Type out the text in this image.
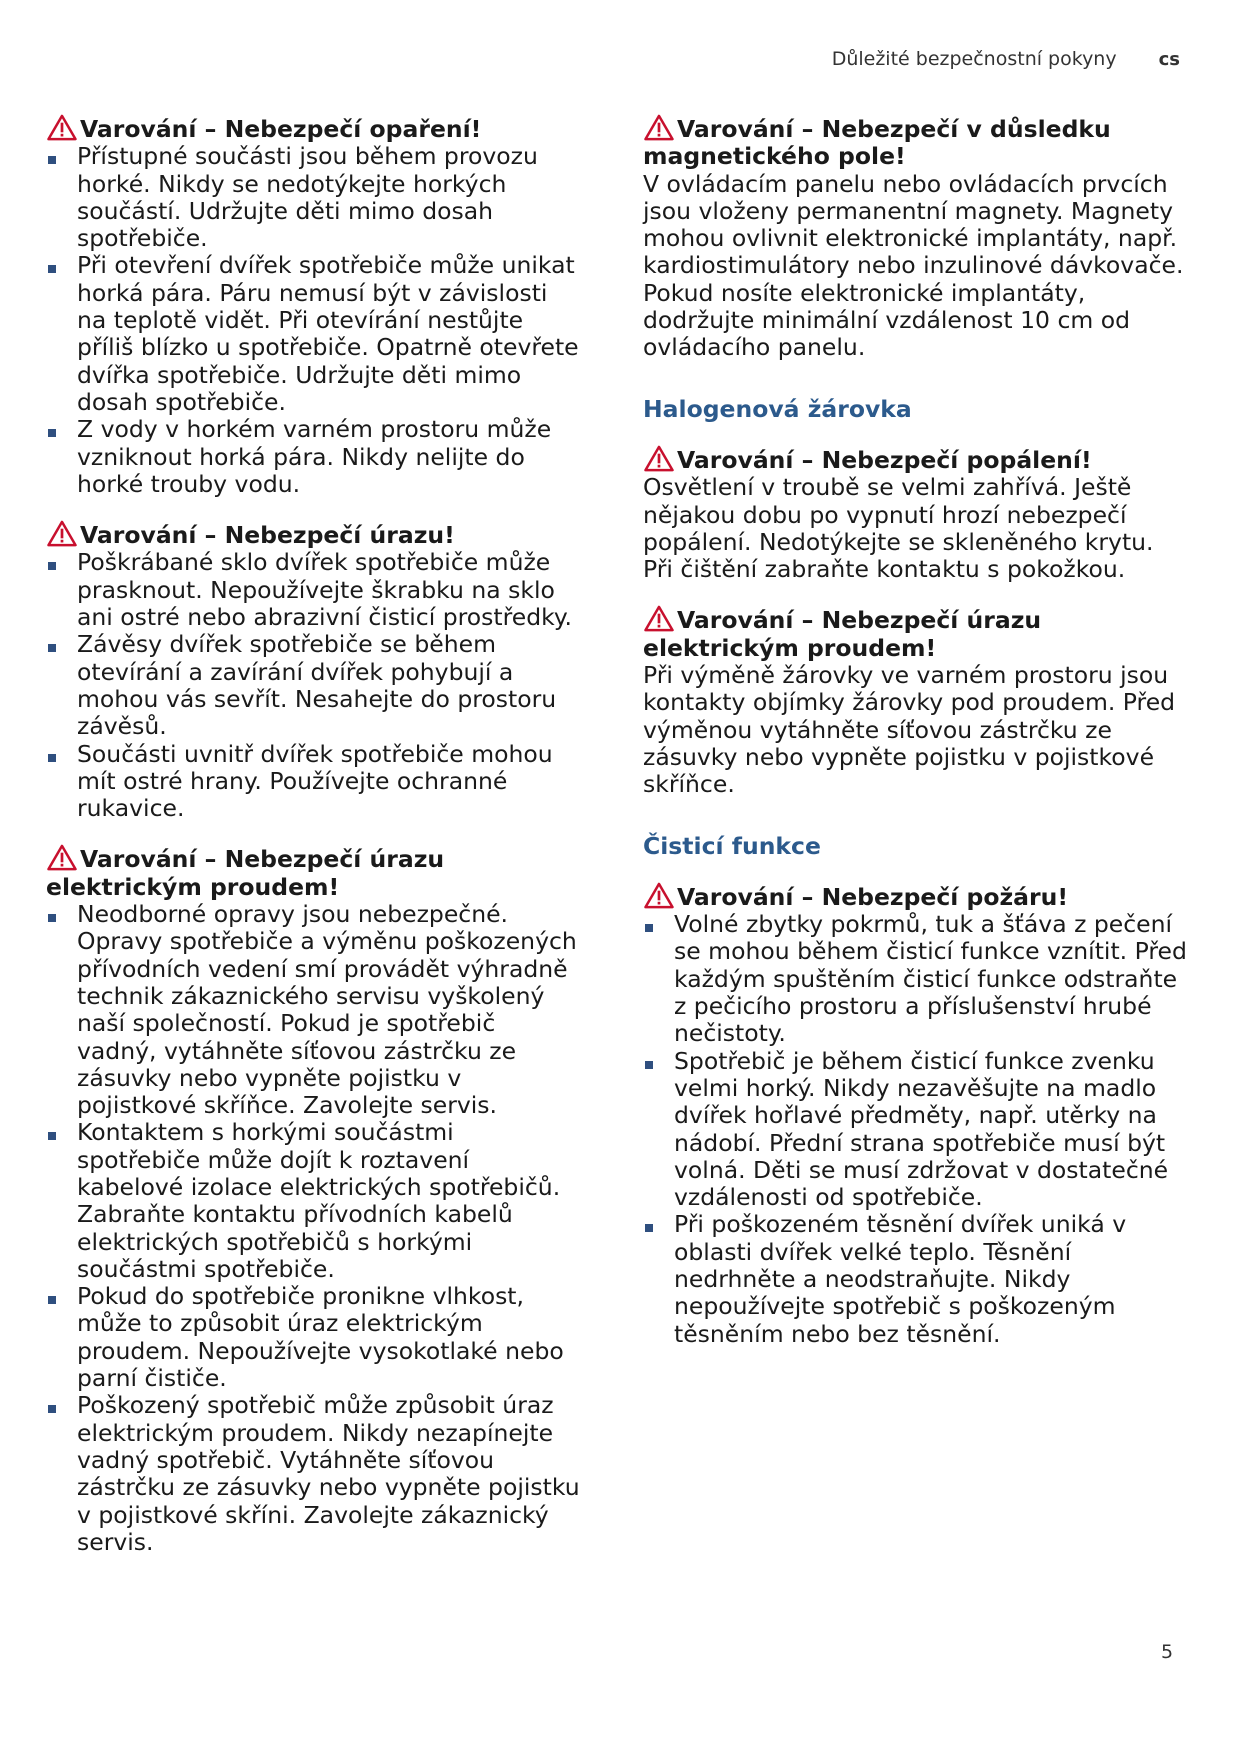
Důležité bezpečnostní pokyny cs
Varování – Nebezpečí opaření!
Přístupné součásti jsou během provozu horké. Nikdy se nedotýkejte horkých součástí. Udržujte děti mimo dosah spotřebiče.
Při otevření dvířek spotřebiče může unikat horká pára. Páru nemusí být v závislosti na teplotě vidět. Při otevírání nestůjte příliš blízko u spotřebiče. Opatrně otevřete dvířka spotřebiče. Udržujte děti mimo dosah spotřebiče.
Z vody v horkém varném prostoru může vzniknout horká pára. Nikdy nelijte do horké trouby vodu.
Varování – Nebezpečí úrazu!
Poškrábané sklo dvířek spotřebiče může prasknout. Nepoužívejte škrabku na sklo ani ostré nebo abrazivní čisticí prostředky.
Závěsy dvířek spotřebiče se během otevírání a zavírání dvířek pohybují a mohou vás sevřít. Nesahejte do prostoru závěsů.
Součásti uvnitř dvířek spotřebiče mohou mít ostré hrany. Používejte ochranné rukavice.
Varování – Nebezpečí úrazu elektrickým proudem!
Neodborné opravy jsou nebezpečné. Opravy spotřebiče a výměnu poškozených přívodních vedení smí provádět výhradně technik zákaznického servisu vyškolený naší společností. Pokud je spotřebič vadný, vytáhněte síťovou zástrčku ze zásuvky nebo vypněte pojistku v pojistkové skříňce. Zavolejte servis.
Kontaktem s horkými součástmi spotřebiče může dojít k roztavení kabelové izolace elektrických spotřebičů. Zabraňte kontaktu přívodních kabelů elektrických spotřebičů s horkými součástmi spotřebiče.
Pokud do spotřebiče pronikne vlhkost, může to způsobit úraz elektrickým proudem. Nepoužívejte vysokotlaké nebo parní čističe.
Poškozený spotřebič může způsobit úraz elektrickým proudem. Nikdy nezapínejte vadný spotřebič. Vytáhněte síťovou zástrčku ze zásuvky nebo vypněte pojistku v pojistkové skříni. Zavolejte zákaznický servis.
Varování – Nebezpečí v důsledku magnetického pole!

V ovládacím panelu nebo ovládacích prvcích jsou vloženy permanentní magnety. Magnety mohou ovlivnit elektronické implantáty, např. kardiostimulátory nebo inzulinové dávkovače. Pokud nosíte elektronické implantáty, dodržujte minimální vzdálenost 10 cm od ovládacího panelu.

Halogenová žárovka
Varování – Nebezpečí popálení!

Osvětlení v troubě se velmi zahřívá. Ještě nějakou dobu po vypnutí hrozí nebezpečí popálení. Nedotýkejte se skleněného krytu. Při čištění zabraňte kontaktu s pokožkou.

Varování – Nebezpečí úrazu elektrickým proudem!

Při výměně žárovky ve varném prostoru jsou kontakty objímky žárovky pod proudem. Před výměnou vytáhněte síťovou zástrčku ze zásuvky nebo vypněte pojistku v pojistkové skříňce.

Čisticí funkce
Varování – Nebezpečí požáru!
Volné zbytky pokrmů, tuk a šťáva z pečení se mohou během čisticí funkce vznítit. Před každým spuštěním čisticí funkce odstraňte z pečicího prostoru a příslušenství hrubé nečistoty.
Spotřebič je během čisticí funkce zvenku velmi horký. Nikdy nezavěšujte na madlo dvířek hořlavé předměty, např. utěrky na nádobí. Přední strana spotřebiče musí být volná. Děti se musí zdržovat v dostatečné vzdálenosti od spotřebiče.
Při poškozeném těsnění dvířek uniká v oblasti dvířek velké teplo. Těsnění nedrhněte a neodstraňujte. Nikdy nepoužívejte spotřebič s poškozeným těsněním nebo bez těsnění.
5
